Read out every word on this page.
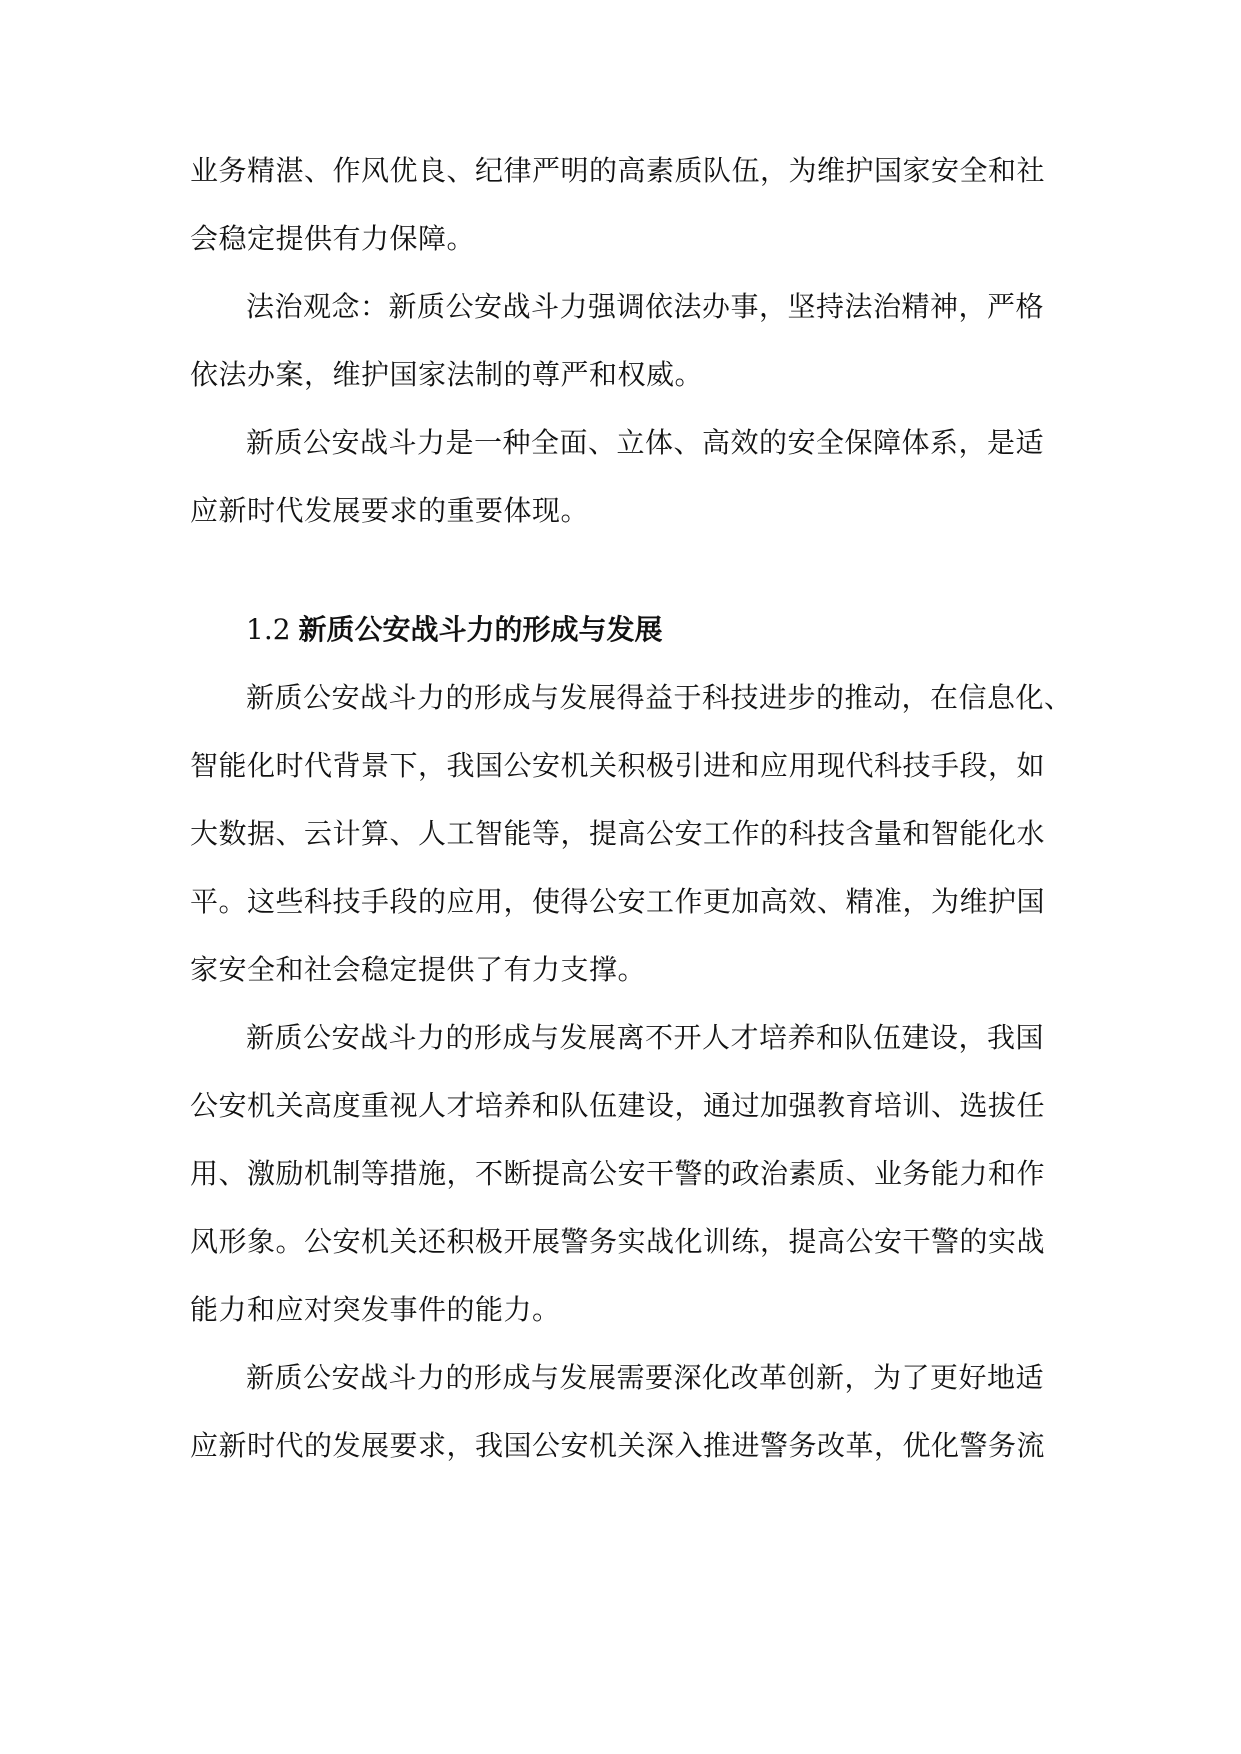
业务精湛、作风优良、纪律严明的高素质队伍，为维护国家安全和社
会稳定提供有力保障。

法治观念：新质公安战斗力强调依法办事，坚持法治精神，严格
依法办案，维护国家法制的尊严和权威。

新质公安战斗力是一种全面、立体、高效的安全保障体系，是适
应新时代发展要求的重要体现。

1.2 新质公安战斗力的形成与发展

新质公安战斗力的形成与发展得益于科技进步的推动，在信息化、
智能化时代背景下，我国公安机关积极引进和应用现代科技手段，如
大数据、云计算、人工智能等，提高公安工作的科技含量和智能化水
平。这些科技手段的应用，使得公安工作更加高效、精准，为维护国
家安全和社会稳定提供了有力支撑。

新质公安战斗力的形成与发展离不开人才培养和队伍建设，我国
公安机关高度重视人才培养和队伍建设，通过加强教育培训、选拔任
用、激励机制等措施，不断提高公安干警的政治素质、业务能力和作
风形象。公安机关还积极开展警务实战化训练，提高公安干警的实战
能力和应对突发事件的能力。

新质公安战斗力的形成与发展需要深化改革创新，为了更好地适
应新时代的发展要求，我国公安机关深入推进警务改革，优化警务流
